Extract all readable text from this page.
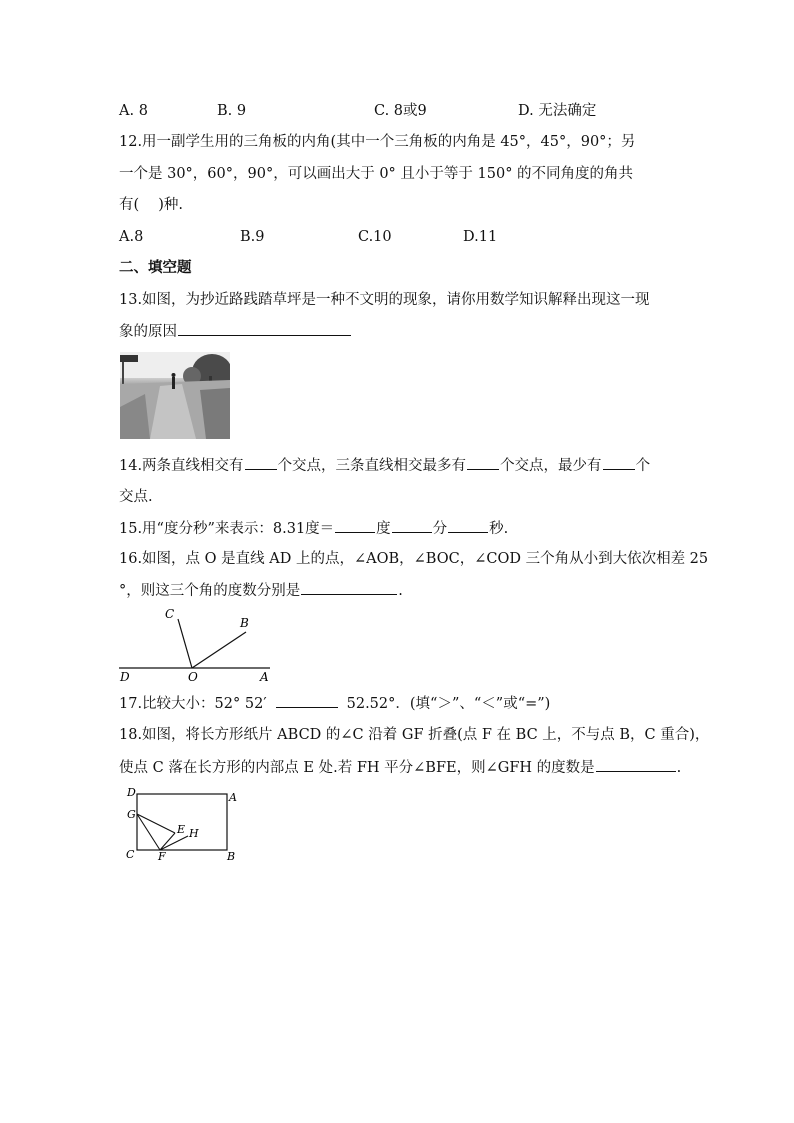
A. 8	B. 9	C. 8或9	D. 无法确定
12.用一副学生用的三角板的内角(其中一个三角板的内角是 45°，45°，90°；另
一个是 30°，60°，90°，可以画出大于 0° 且小于等于 150° 的不同角度的角共
有(　 )种.
A.8	B.9	C.10	D.11
二、填空题
13.如图，为抄近路践踏草坪是一种不文明的现象，请你用数学知识解释出现这一现
象的原因
14.两条直线相交有 个交点，三条直线相交最多有 个交点，最少有 个
交点.
15.用“度分秒”来表示：8.31度＝	度	分	秒.
16.如图，点 O 是直线 AD 上的点，∠AOB，∠BOC，∠COD 三个角从小到大依次相差 25
°，则这三个角的度数分别是	.
C
B
D	O	A
17.比较大小：52° 52′	52.52°．(填“＞”、“＜”或“=”)
18.如图，将长方形纸片 ABCD 的∠C 沿着 GF 折叠(点 F 在 BC 上，不与点 B，C 重合)，
使点 C 落在长方形的内部点 E 处.若 FH 平分∠BFE，则∠GFH 的度数是	.
D	A
G
E H
C F	B
